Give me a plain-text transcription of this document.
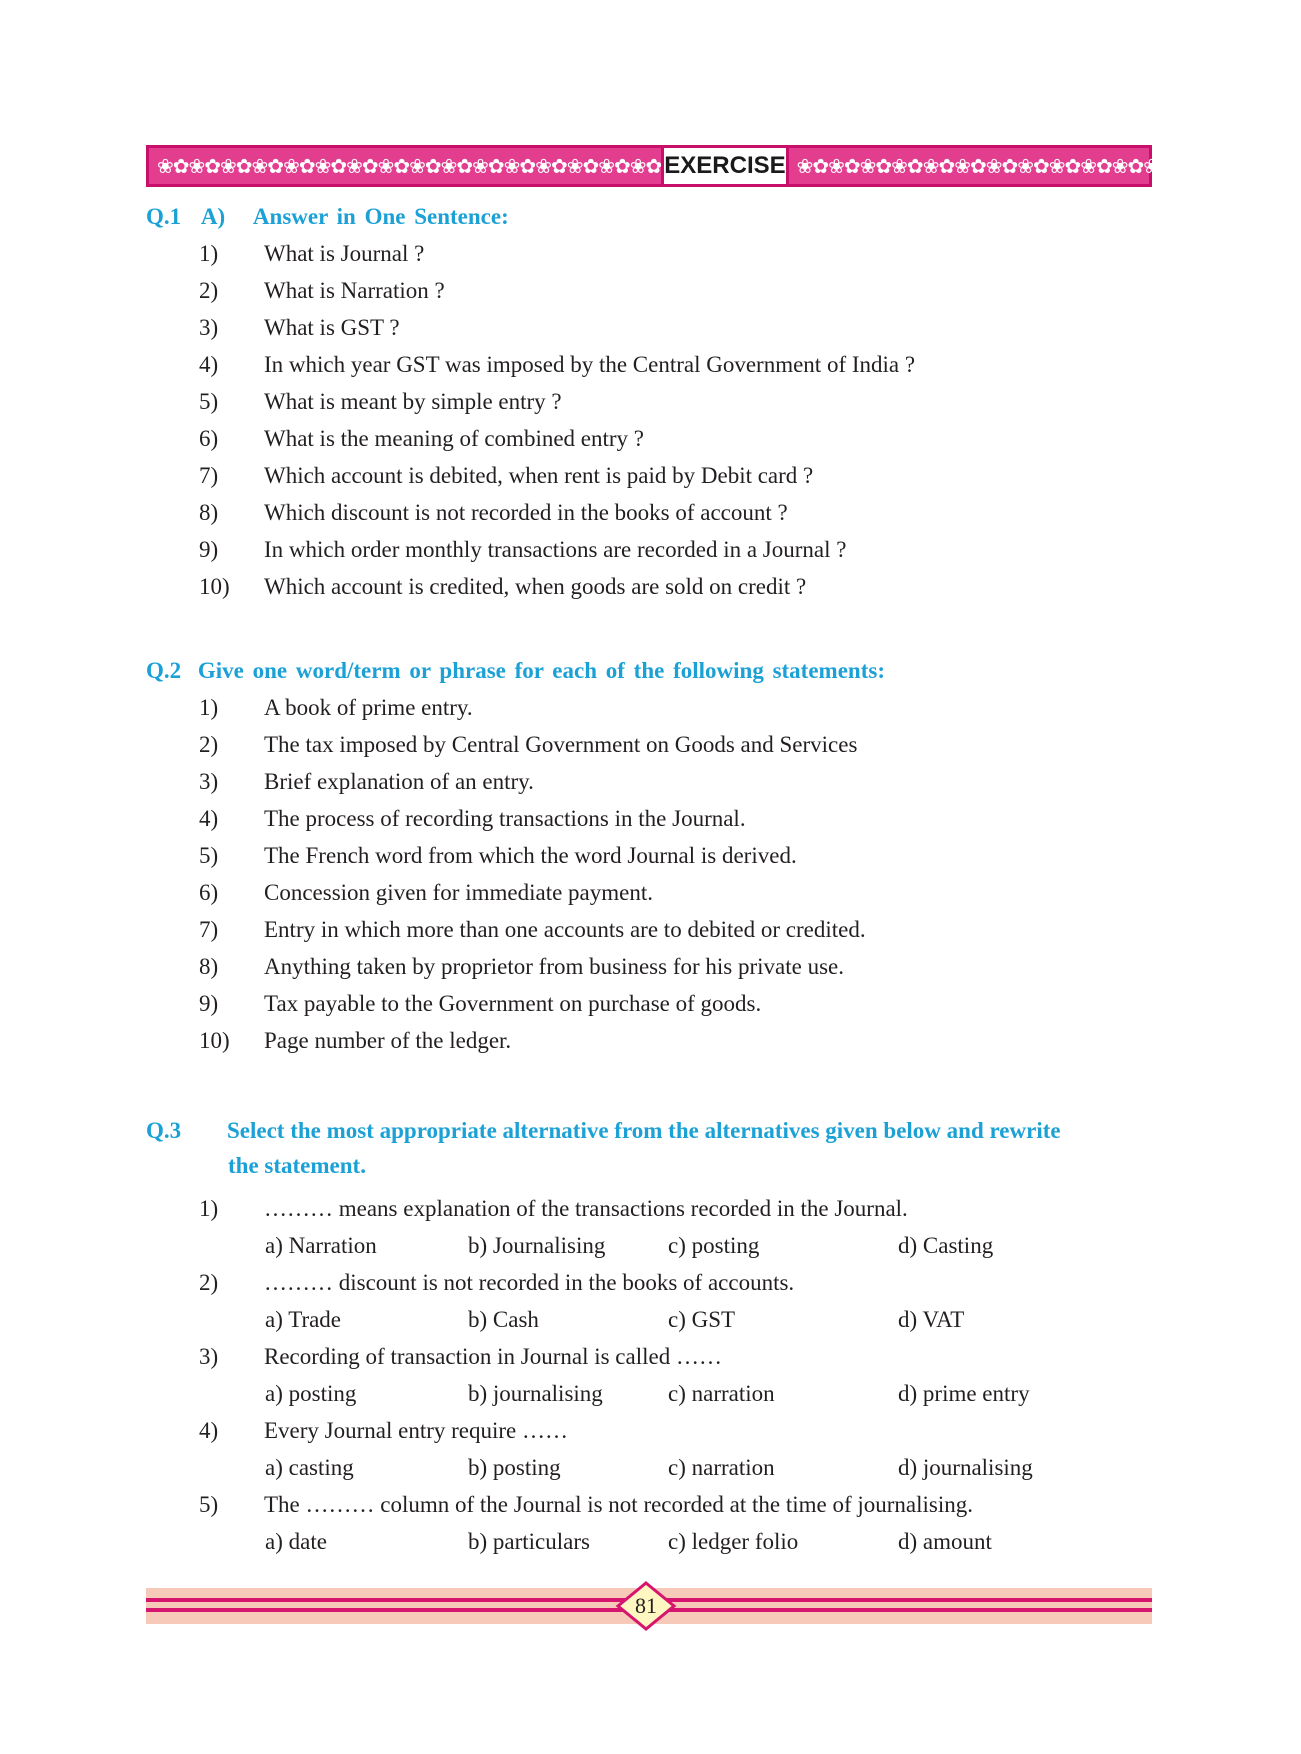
❀✿❀✿❀✿❀✿❀✿❀✿❀✿❀✿❀✿❀✿❀✿❀✿❀✿❀✿❀✿❀✿ EXERCISE ❀✿❀✿❀✿❀✿❀✿❀✿❀✿❀✿❀✿❀✿❀✿❀✿❀✿❀✿❀✿❀✿
Q.1 A) Answer in One Sentence:
1) What is Journal ?
2) What is Narration ?
3) What is GST ?
4) In which year GST was imposed by the Central Government of India ?
5) What is meant by simple entry ?
6) What is the meaning of combined entry ?
7) Which account is debited, when rent is paid by Debit card ?
8) Which discount is not recorded in the books of account ?
9) In which order monthly transactions are recorded in a Journal ?
10) Which account is credited, when goods are sold on credit ?
Q.2 Give one word/term or phrase for each of the following statements:
1) A book of prime entry.
2) The tax imposed by Central Government on Goods and Services
3) Brief explanation of an entry.
4) The process of recording transactions in the Journal.
5) The French word from which the word Journal is derived.
6) Concession given for immediate payment.
7) Entry in which more than one accounts are to debited or credited.
8) Anything taken by proprietor from business for his private use.
9) Tax payable to the Government on purchase of goods.
10) Page number of the ledger.
Q.3 Select the most appropriate alternative from the alternatives given below and rewrite
the statement.
1) ……… means explanation of the transactions recorded in the Journal.
a) Narration	b) Journalising	c) posting	d) Casting
2) ……… discount is not recorded in the books of accounts.
a) Trade	b) Cash	c) GST	d) VAT
3) Recording of transaction in Journal is called ……
a) posting	b) journalising	c) narration	d) prime entry
4) Every Journal entry require ……
a) casting	b) posting	c) narration	d) journalising
5) The ……… column of the Journal is not recorded at the time of journalising.
a) date	b) particulars	c) ledger folio	d) amount
81
